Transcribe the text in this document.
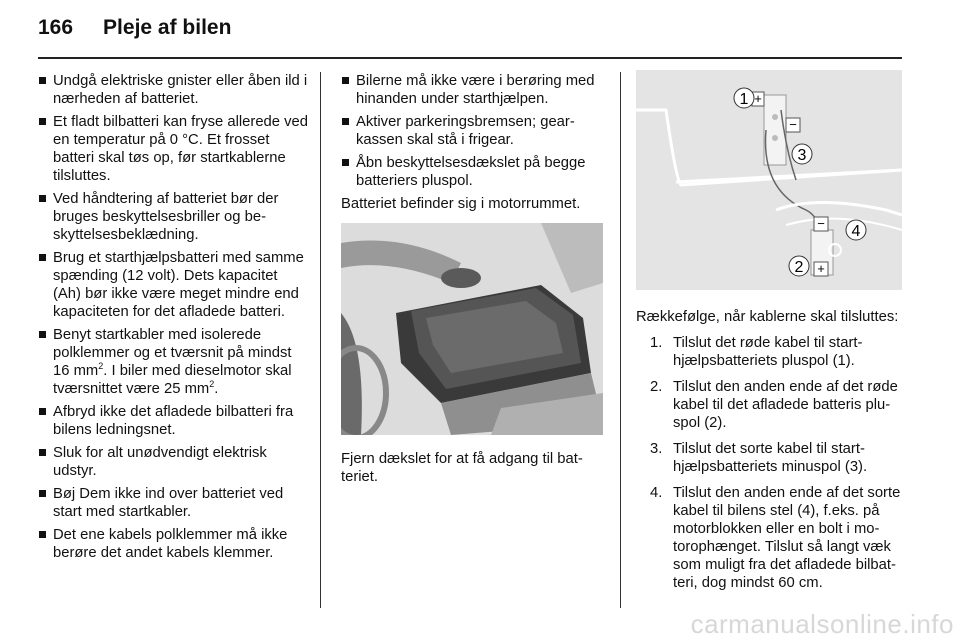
166 Pleje af bilen
Undgå elektriske gnister eller åben ild i nærheden af batteriet.
Et fladt bilbatteri kan fryse allerede ved en temperatur på 0 °C. Et frosset batteri skal tøs op, før startkablerne tilsluttes.
Ved håndtering af batteriet bør der bruges beskyttelsesbriller og beskyttelsesbeklædning.
Brug et starthjælpsbatteri med samme spænding (12 volt). Dets kapacitet (Ah) bør ikke være meget mindre end kapaciteten for det afladede batteri.
Benyt startkabler med isolerede polklemmer og et tværsnit på mindst 16 $mm^2$. I biler med dieselmotor skal tværsnittet være 25 $mm^2$.
Afbryd ikke det afladede bilbatteri fra bilens ledningsnet.
Sluk for alt unødvendigt elektrisk udstyr.
Bøj Dem ikke ind over batteriet ved start med startkabler.
Det ene kabels polklemmer må ikke berøre det andet kabels klemmer.
Bilerne må ikke være i berøring med hinanden under starthjælpen.
Aktiver parkeringsbremsen; gearkassen skal stå i frigear.
Åbn beskyttelsesdækslet på begge batteriers pluspol.
Batteriet befinder sig i motorrummet.
Fjern dækslet for at få adgang til batteriet.
+
−
−
+
1
3
4
2
Rækkefølge, når kablerne skal tilsluttes:
1. Tilslut det røde kabel til starthjælpsbatteriets pluspol (1).
2. Tilslut den anden ende af det røde kabel til det afladede batteris pluspol (2).
3. Tilslut det sorte kabel til starthjælpsbatteriets minuspol (3).
4. Tilslut den anden ende af det sorte kabel til bilens stel (4), f.eks. på motorblokken eller en bolt i motorophænget. Tilslut så langt væk som muligt fra det afladede bilbatteri, dog mindst 60 cm.
carmanualsonline.info
